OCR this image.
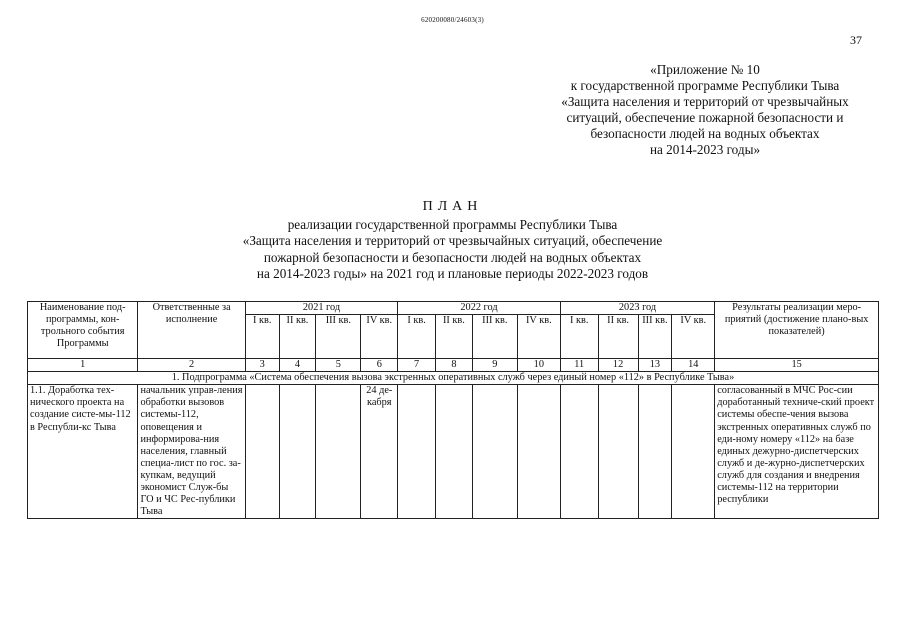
620200080/24603(3)
37
«Приложение № 10
к государственной программе Республики Тыва
«Защита населения и территорий от чрезвычайных
ситуаций, обеспечение пожарной безопасности и
безопасности людей на водных объектах
на 2014-2023 годы»
ПЛАН
реализации государственной программы Республики Тыва
«Защита населения и территорий от чрезвычайных ситуаций, обеспечение
пожарной безопасности и безопасности людей на водных объектах
на 2014-2023 годы» на 2021 год и плановые периоды 2022-2023 годов
Наименование под-программы, кон-трольного события Программы	Ответственные за исполнение	2021 год				2022 год				2023 год				Результаты реализации меро-приятий (достижение плано-вых показателей)
		I кв.	II кв.	III кв.	IV кв.	I кв.	II кв.	III кв.	IV кв.	I кв.	II кв.	III кв.	IV кв.	
1	2	3	4	5	6	7	8	9	10	11	12	13	14	15
1. Подпрограмма «Система обеспечения вызова экстренных оперативных служб через единый номер «112» в Республике Тыва»														
1.1. Доработка тех-нического проекта на создание систе-мы-112 в Республи-кс Тыва	начальник управ-ления обработки вызовов системы-112, оповещения и информирова-ния населения, главный специа-лист по гос. за-купкам, ведущий экономист Служ-бы ГО и ЧС Рес-публики Тыва				24 де-кабря									согласованный в МЧС Рос-сии доработанный техниче-ский проект системы обеспе-чения вызова экстренных оперативных служб по еди-ному номеру «112» на базе единых дежурно-диспетчерских служб и де-журно-диспетчерских служб для создания и внедрения системы-112 на территории республики
